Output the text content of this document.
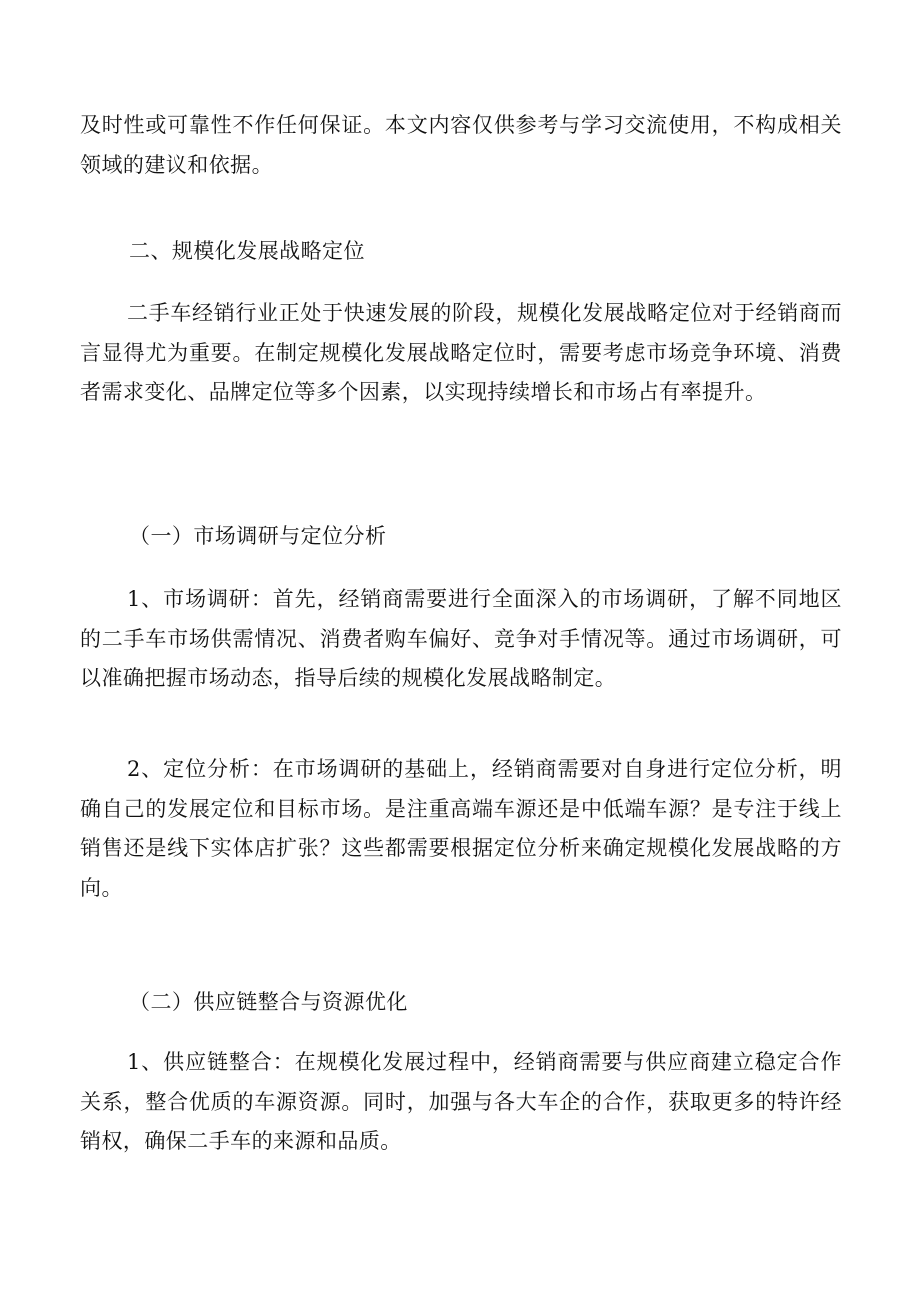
及时性或可靠性不作任何保证。本文内容仅供参考与学习交流使用，不构成相关领域的建议和依据。

二、规模化发展战略定位

二手车经销行业正处于快速发展的阶段，规模化发展战略定位对于经销商而言显得尤为重要。在制定规模化发展战略定位时，需要考虑市场竞争环境、消费者需求变化、品牌定位等多个因素，以实现持续增长和市场占有率提升。

（一）市场调研与定位分析

1、市场调研：首先，经销商需要进行全面深入的市场调研，了解不同地区的二手车市场供需情况、消费者购车偏好、竞争对手情况等。通过市场调研，可以准确把握市场动态，指导后续的规模化发展战略制定。

2、定位分析：在市场调研的基础上，经销商需要对自身进行定位分析，明确自己的发展定位和目标市场。是注重高端车源还是中低端车源？是专注于线上销售还是线下实体店扩张？这些都需要根据定位分析来确定规模化发展战略的方向。

（二）供应链整合与资源优化

1、供应链整合：在规模化发展过程中，经销商需要与供应商建立稳定合作关系，整合优质的车源资源。同时，加强与各大车企的合作，获取更多的特许经销权，确保二手车的来源和品质。
